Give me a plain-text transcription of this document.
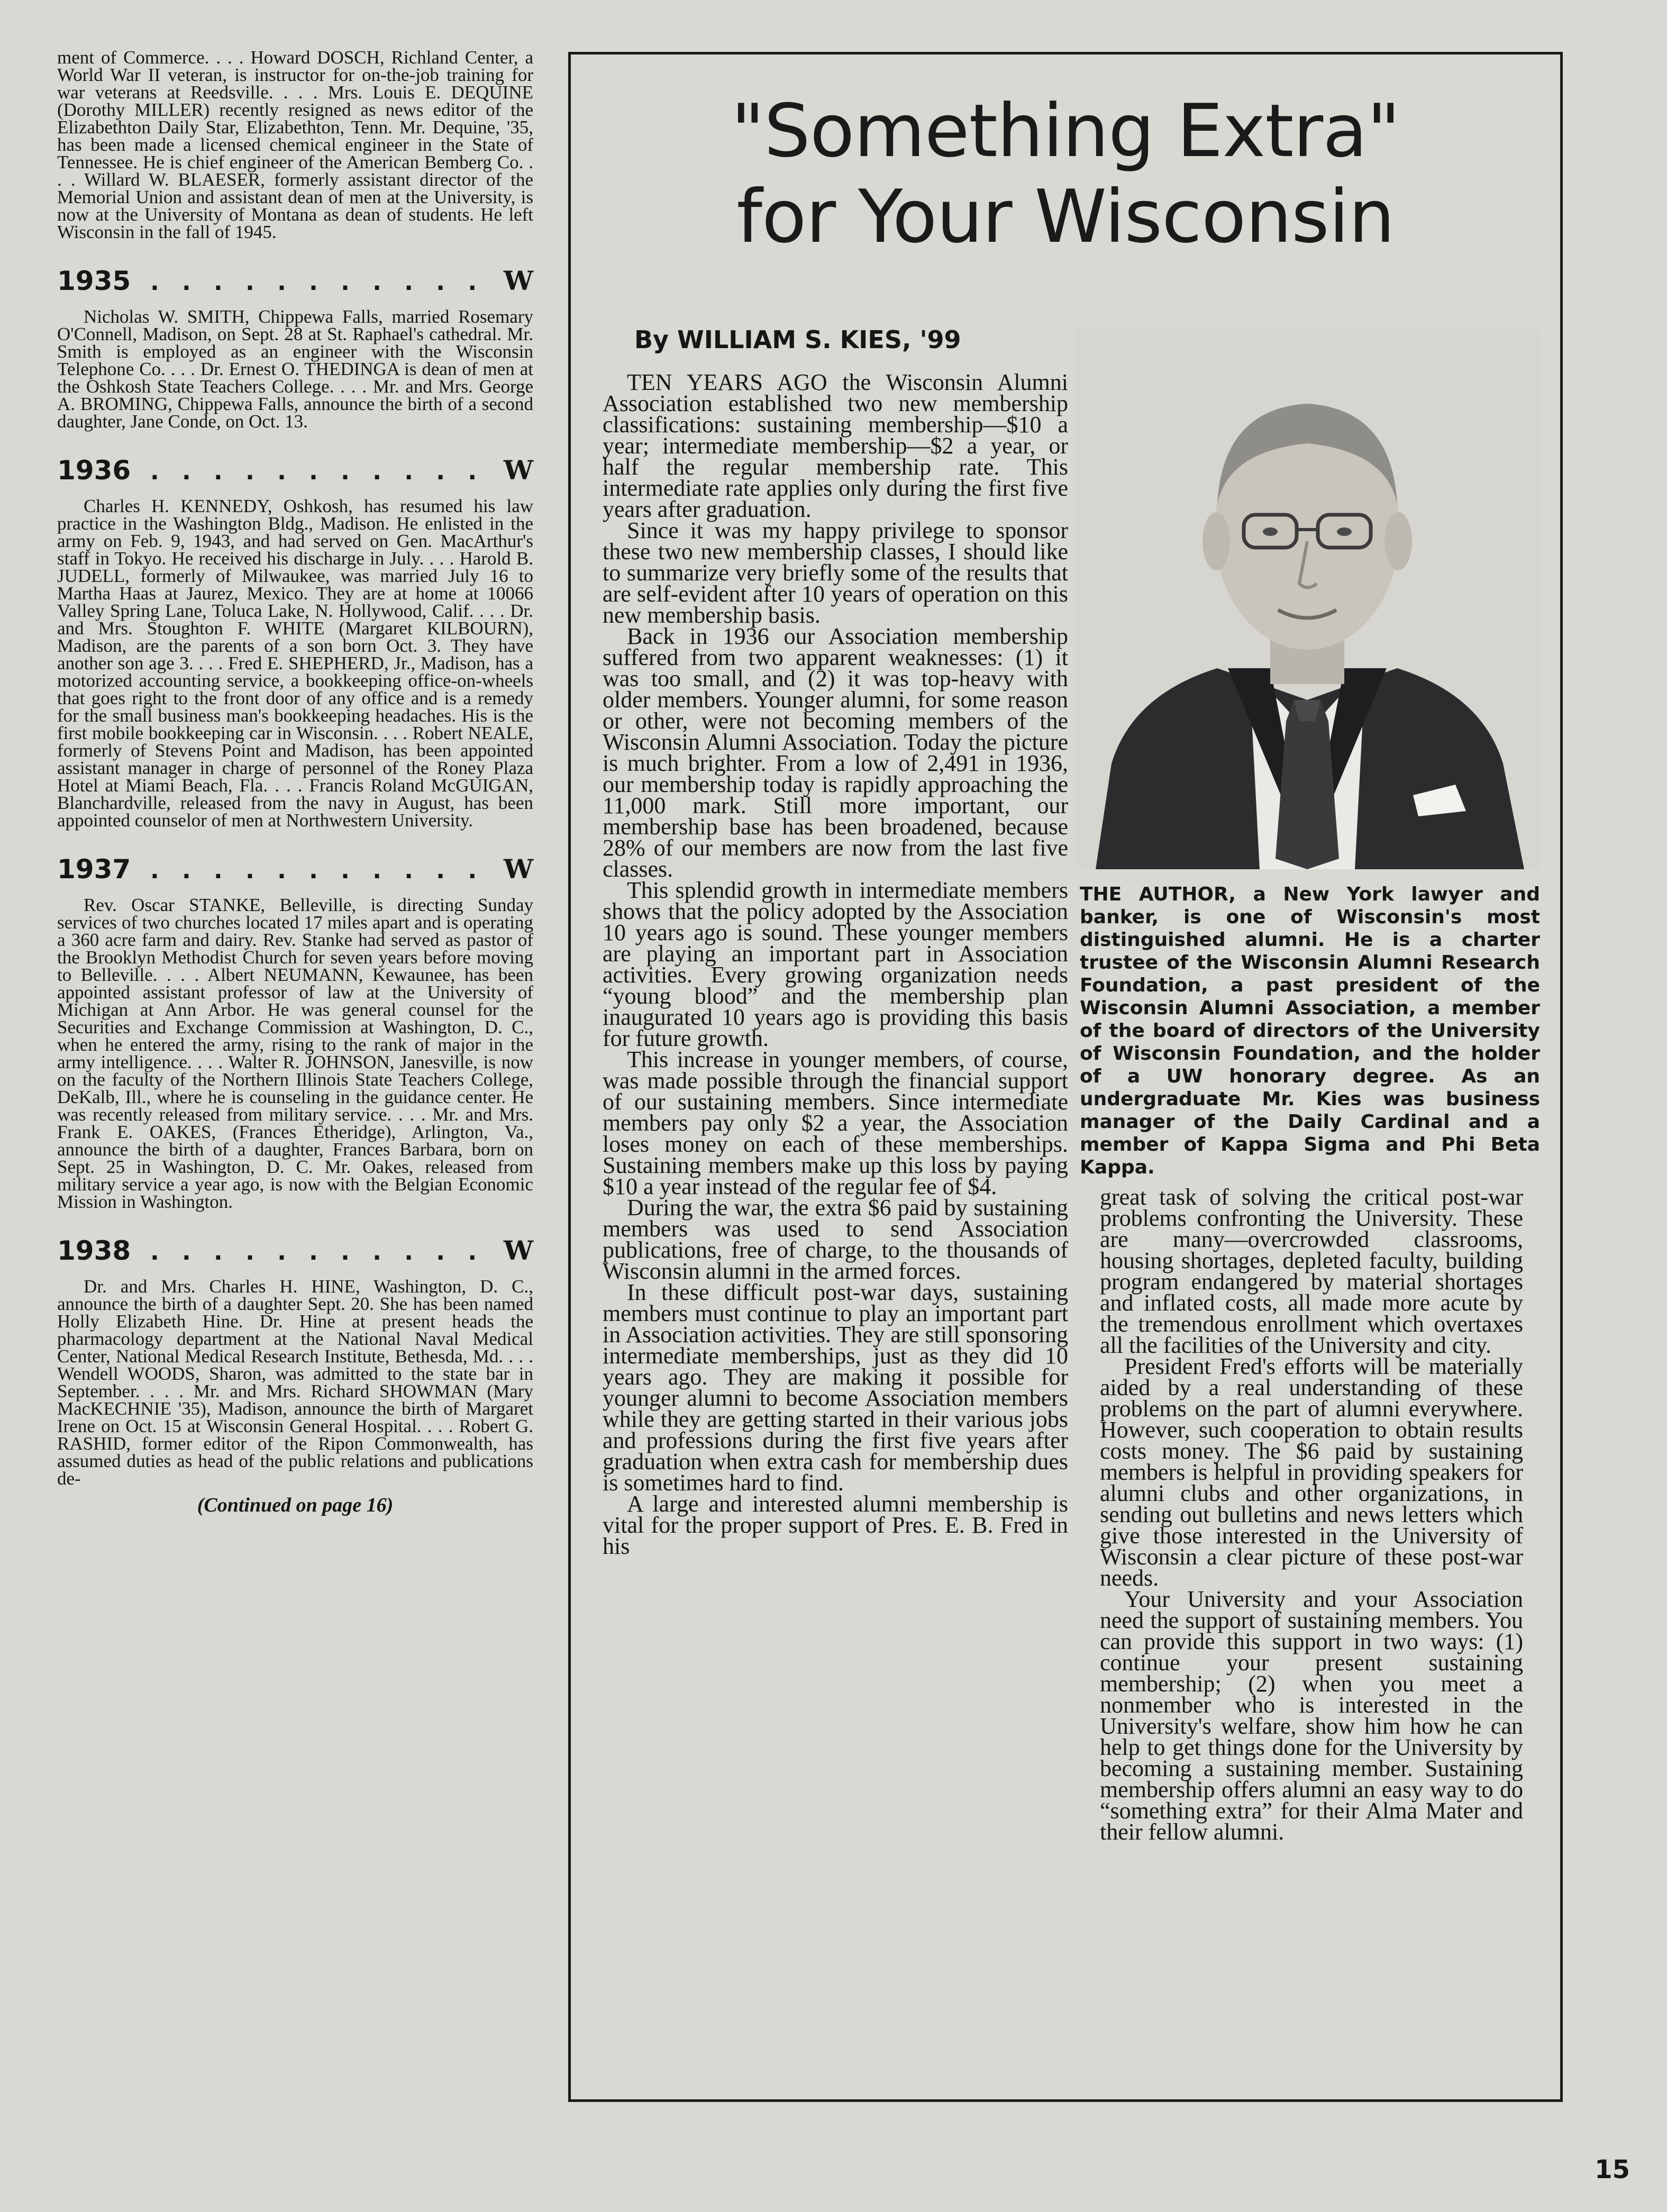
ment of Commerce. . . . Howard DOSCH, Richland Center, a World War II veteran, is instructor for on-the-job training for war veterans at Reedsville. . . . Mrs. Louis E. DEQUINE (Dorothy MILLER) recently resigned as news editor of the Elizabethton Daily Star, Elizabethton, Tenn. Mr. Dequine, '35, has been made a licensed chemical engineer in the State of Tennessee. He is chief engineer of the American Bemberg Co. . . . Willard W. BLAESER, formerly assistant director of the Memorial Union and assistant dean of men at the University, is now at the University of Montana as dean of students. He left Wisconsin in the fall of 1945.

1935 . . . . . . . . . . . W

Nicholas W. SMITH, Chippewa Falls, married Rosemary O'Connell, Madison, on Sept. 28 at St. Raphael's cathedral. Mr. Smith is employed as an engineer with the Wisconsin Telephone Co. . . . Dr. Ernest O. THEDINGA is dean of men at the Oshkosh State Teachers College. . . . Mr. and Mrs. George A. BROMING, Chippewa Falls, announce the birth of a second daughter, Jane Conde, on Oct. 13.

1936 . . . . . . . . . . . W

Charles H. KENNEDY, Oshkosh, has resumed his law practice in the Washington Bldg., Madison. He enlisted in the army on Feb. 9, 1943, and had served on Gen. MacArthur's staff in Tokyo. He received his discharge in July. . . . Harold B. JUDELL, formerly of Milwaukee, was married July 16 to Martha Haas at Jaurez, Mexico. They are at home at 10066 Valley Spring Lane, Toluca Lake, N. Hollywood, Calif. . . . Dr. and Mrs. Stoughton F. WHITE (Margaret KILBOURN), Madison, are the parents of a son born Oct. 3. They have another son age 3. . . . Fred E. SHEPHERD, Jr., Madison, has a motorized accounting service, a bookkeeping office-on-wheels that goes right to the front door of any office and is a remedy for the small business man's bookkeeping headaches. His is the first mobile bookkeeping car in Wisconsin. . . . Robert NEALE, formerly of Stevens Point and Madison, has been appointed assistant manager in charge of personnel of the Roney Plaza Hotel at Miami Beach, Fla. . . . Francis Roland McGUIGAN, Blanchardville, released from the navy in August, has been appointed counselor of men at Northwestern University.

1937 . . . . . . . . . . . W

Rev. Oscar STANKE, Belleville, is directing Sunday services of two churches located 17 miles apart and is operating a 360 acre farm and dairy. Rev. Stanke had served as pastor of the Brooklyn Methodist Church for seven years before moving to Belleville. . . . Albert NEUMANN, Kewaunee, has been appointed assistant professor of law at the University of Michigan at Ann Arbor. He was general counsel for the Securities and Exchange Commission at Washington, D. C., when he entered the army, rising to the rank of major in the army intelligence. . . . Walter R. JOHNSON, Janesville, is now on the faculty of the Northern Illinois State Teachers College, DeKalb, Ill., where he is counseling in the guidance center. He was recently released from military service. . . . Mr. and Mrs. Frank E. OAKES, (Frances Etheridge), Arlington, Va., announce the birth of a daughter, Frances Barbara, born on Sept. 25 in Washington, D. C. Mr. Oakes, released from military service a year ago, is now with the Belgian Economic Mission in Washington.

1938 . . . . . . . . . . . W

Dr. and Mrs. Charles H. HINE, Washington, D. C., announce the birth of a daughter Sept. 20. She has been named Holly Elizabeth Hine. Dr. Hine at present heads the pharmacology department at the National Naval Medical Center, National Medical Research Institute, Bethesda, Md. . . . Wendell WOODS, Sharon, was admitted to the state bar in September. . . . Mr. and Mrs. Richard SHOWMAN (Mary MacKECHNIE '35), Madison, announce the birth of Margaret Irene on Oct. 15 at Wisconsin General Hospital. . . . Robert G. RASHID, former editor of the Ripon Commonwealth, has assumed duties as head of the public relations and publications de-

(Continued on page 16)
"Something Extra"
for Your Wisconsin
By WILLIAM S. KIES, '99
THE AUTHOR, a New York lawyer and banker, is one of Wisconsin's most distinguished alumni. He is a charter trustee of the Wisconsin Alumni Research Foundation, a past president of the Wisconsin Alumni Association, a member of the board of directors of the University of Wisconsin Foundation, and the holder of a UW honorary degree. As an undergraduate Mr. Kies was business manager of the Daily Cardinal and a member of Kappa Sigma and Phi Beta Kappa.

TEN YEARS AGO the Wisconsin Alumni Association established two new membership classifications: sustaining membership—$10 a year; intermediate membership—$2 a year, or half the regular membership rate. This intermediate rate applies only during the first five years after graduation.

Since it was my happy privilege to sponsor these two new membership classes, I should like to summarize very briefly some of the results that are self-evident after 10 years of operation on this new membership basis.

Back in 1936 our Association membership suffered from two apparent weaknesses: (1) it was too small, and (2) it was top-heavy with older members. Younger alumni, for some reason or other, were not becoming members of the Wisconsin Alumni Association. Today the picture is much brighter. From a low of 2,491 in 1936, our membership today is rapidly approaching the 11,000 mark. Still more important, our membership base has been broadened, because 28% of our members are now from the last five classes.

This splendid growth in intermediate members shows that the policy adopted by the Association 10 years ago is sound. These younger members are playing an important part in Association activities. Every growing organization needs “young blood” and the membership plan inaugurated 10 years ago is providing this basis for future growth.

This increase in younger members, of course, was made possible through the financial support of our sustaining members. Since intermediate members pay only $2 a year, the Association loses money on each of these memberships. Sustaining members make up this loss by paying $10 a year instead of the regular fee of $4.

During the war, the extra $6 paid by sustaining members was used to send Association publications, free of charge, to the thousands of Wisconsin alumni in the armed forces.

In these difficult post-war days, sustaining members must continue to play an important part in Association activities. They are still sponsoring intermediate memberships, just as they did 10 years ago. They are making it possible for younger alumni to become Association members while they are getting started in their various jobs and professions during the first five years after graduation when extra cash for membership dues is sometimes hard to find.

A large and interested alumni membership is vital for the proper support of Pres. E. B. Fred in his

great task of solving the critical post-war problems confronting the University. These are many—overcrowded classrooms, housing shortages, depleted faculty, building program endangered by material shortages and inflated costs, all made more acute by the tremendous enrollment which overtaxes all the facilities of the University and city.

President Fred's efforts will be materially aided by a real understanding of these problems on the part of alumni everywhere. However, such cooperation to obtain results costs money. The $6 paid by sustaining members is helpful in providing speakers for alumni clubs and other organizations, in sending out bulletins and news letters which give those interested in the University of Wisconsin a clear picture of these post-war needs.

Your University and your Association need the support of sustaining members. You can provide this support in two ways: (1) continue your present sustaining membership; (2) when you meet a nonmember who is interested in the University's welfare, show him how he can help to get things done for the University by becoming a sustaining member. Sustaining membership offers alumni an easy way to do “something extra” for their Alma Mater and their fellow alumni.

15
